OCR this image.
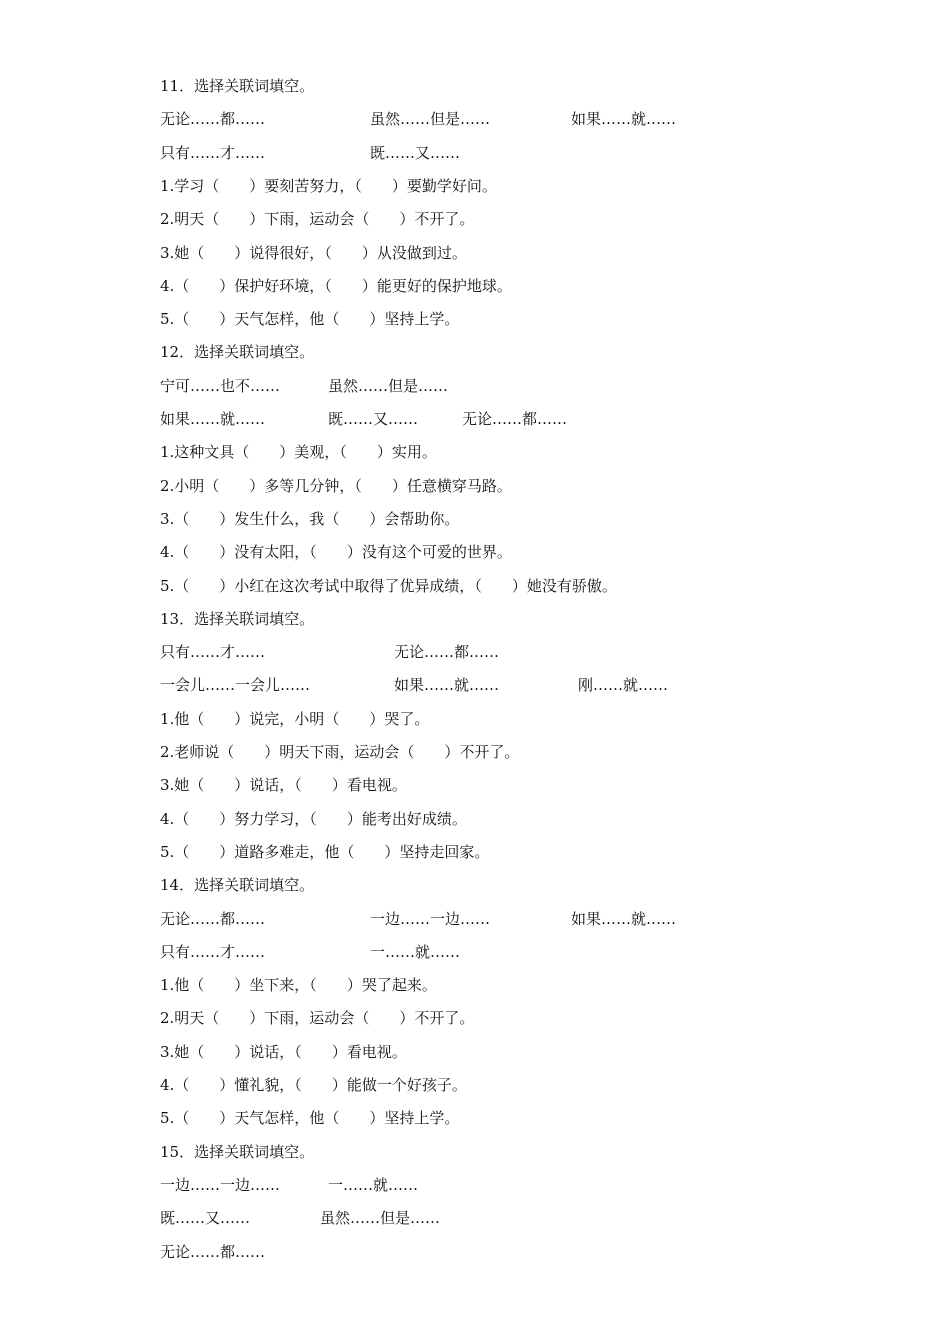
11．选择关联词填空。
无论……都……	虽然……但是……	如果……就……
只有……才……	既……又……
1.学习（　　）要刻苦努力，（　　）要勤学好问。
2.明天（　　）下雨，运动会（　　）不开了。
3.她（　　）说得很好，（　　）从没做到过。
4.（　　）保护好环境，（　　）能更好的保护地球。
5.（　　）天气怎样，他（　　）坚持上学。
12．选择关联词填空。
宁可……也不……	虽然……但是……
如果……就……	既……又……	无论……都……
1.这种文具（　　）美观，（　　）实用。
2.小明（　　）多等几分钟，（　　）任意横穿马路。
3.（　　）发生什么，我（　　）会帮助你。
4.（　　）没有太阳，（　　）没有这个可爱的世界。
5.（　　）小红在这次考试中取得了优异成绩，（　　）她没有骄傲。
13．选择关联词填空。
只有……才……	无论……都……
一会儿……一会儿……	如果……就……	刚……就……
1.他（　　）说完，小明（　　）哭了。
2.老师说（　　）明天下雨，运动会（　　）不开了。
3.她（　　）说话，（　　）看电视。
4.（　　）努力学习，（　　）能考出好成绩。
5.（　　）道路多难走，他（　　）坚持走回家。
14．选择关联词填空。
无论……都……	一边……一边……	如果……就……
只有……才……	一……就……
1.他（　　）坐下来，（　　）哭了起来。
2.明天（　　）下雨，运动会（　　）不开了。
3.她（　　）说话，（　　）看电视。
4.（　　）懂礼貌，（　　）能做一个好孩子。
5.（　　）天气怎样，他（　　）坚持上学。
15．选择关联词填空。
一边……一边……	一……就……
既……又……	虽然……但是……
无论……都……
